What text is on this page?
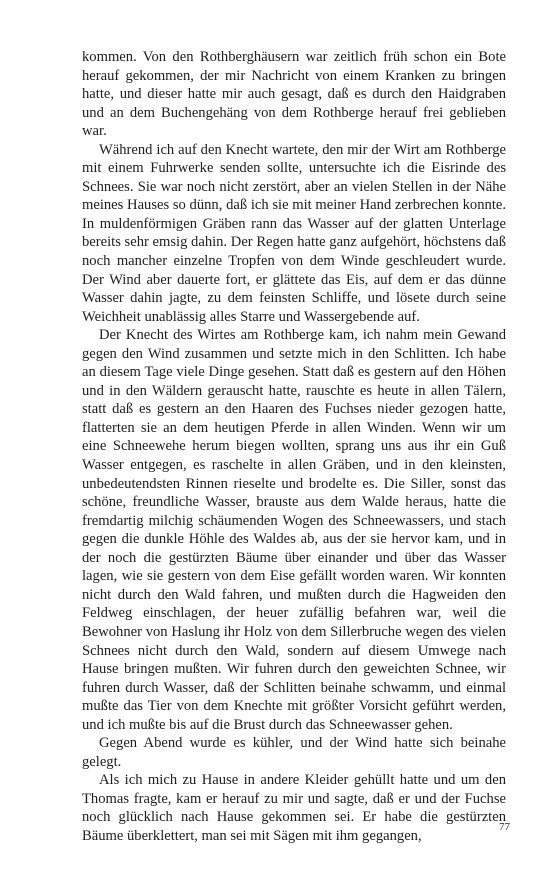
kommen. Von den Rothberghäusern war zeitlich früh schon ein Bote herauf gekommen, der mir Nachricht von einem Kranken zu bringen hatte, und dieser hatte mir auch gesagt, daß es durch den Haidgraben und an dem Buchengehäng von dem Rothberge herauf frei geblieben war.

Während ich auf den Knecht wartete, den mir der Wirt am Rothberge mit einem Fuhrwerke senden sollte, untersuchte ich die Eisrinde des Schnees. Sie war noch nicht zerstört, aber an vielen Stellen in der Nähe meines Hauses so dünn, daß ich sie mit meiner Hand zerbrechen konnte. In muldenförmigen Gräben rann das Wasser auf der glatten Unterlage bereits sehr emsig dahin. Der Regen hatte ganz aufgehört, höchstens daß noch mancher einzelne Tropfen von dem Winde geschleudert wurde. Der Wind aber dauerte fort, er glättete das Eis, auf dem er das dünne Wasser dahin jagte, zu dem feinsten Schliffe, und lösete durch seine Weichheit unablässig alles Starre und Wassergebende auf.

Der Knecht des Wirtes am Rothberge kam, ich nahm mein Gewand gegen den Wind zusammen und setzte mich in den Schlitten. Ich habe an diesem Tage viele Dinge gesehen. Statt daß es gestern auf den Höhen und in den Wäldern gerauscht hatte, rauschte es heute in allen Tälern, statt daß es gestern an den Haaren des Fuchses nieder gezogen hatte, flatterten sie an dem heutigen Pferde in allen Winden. Wenn wir um eine Schneewehe herum biegen wollten, sprang uns aus ihr ein Guß Wasser entgegen, es raschelte in allen Gräben, und in den kleinsten, unbedeutendsten Rinnen rieselte und brodelte es. Die Siller, sonst das schöne, freundliche Wasser, brauste aus dem Walde heraus, hatte die fremdartig milchig schäumenden Wogen des Schneewassers, und stach gegen die dunkle Höhle des Waldes ab, aus der sie hervor kam, und in der noch die gestürzten Bäume über einander und über das Wasser lagen, wie sie gestern von dem Eise gefällt worden waren. Wir konnten nicht durch den Wald fahren, und mußten durch die Hagweiden den Feldweg einschlagen, der heuer zufällig befahren war, weil die Bewohner von Haslung ihr Holz von dem Sillerbruche wegen des vielen Schnees nicht durch den Wald, sondern auf diesem Umwege nach Hause bringen mußten. Wir fuhren durch den geweichten Schnee, wir fuhren durch Wasser, daß der Schlitten beinahe schwamm, und einmal mußte das Tier von dem Knechte mit größter Vorsicht geführt werden, und ich mußte bis auf die Brust durch das Schneewasser gehen.

Gegen Abend wurde es kühler, und der Wind hatte sich beinahe gelegt.

Als ich mich zu Hause in andere Kleider gehüllt hatte und um den Thomas fragte, kam er herauf zu mir und sagte, daß er und der Fuchse noch glücklich nach Hause gekommen sei. Er habe die gestürzten Bäume überklettert, man sei mit Sägen mit ihm gegangen,

77
